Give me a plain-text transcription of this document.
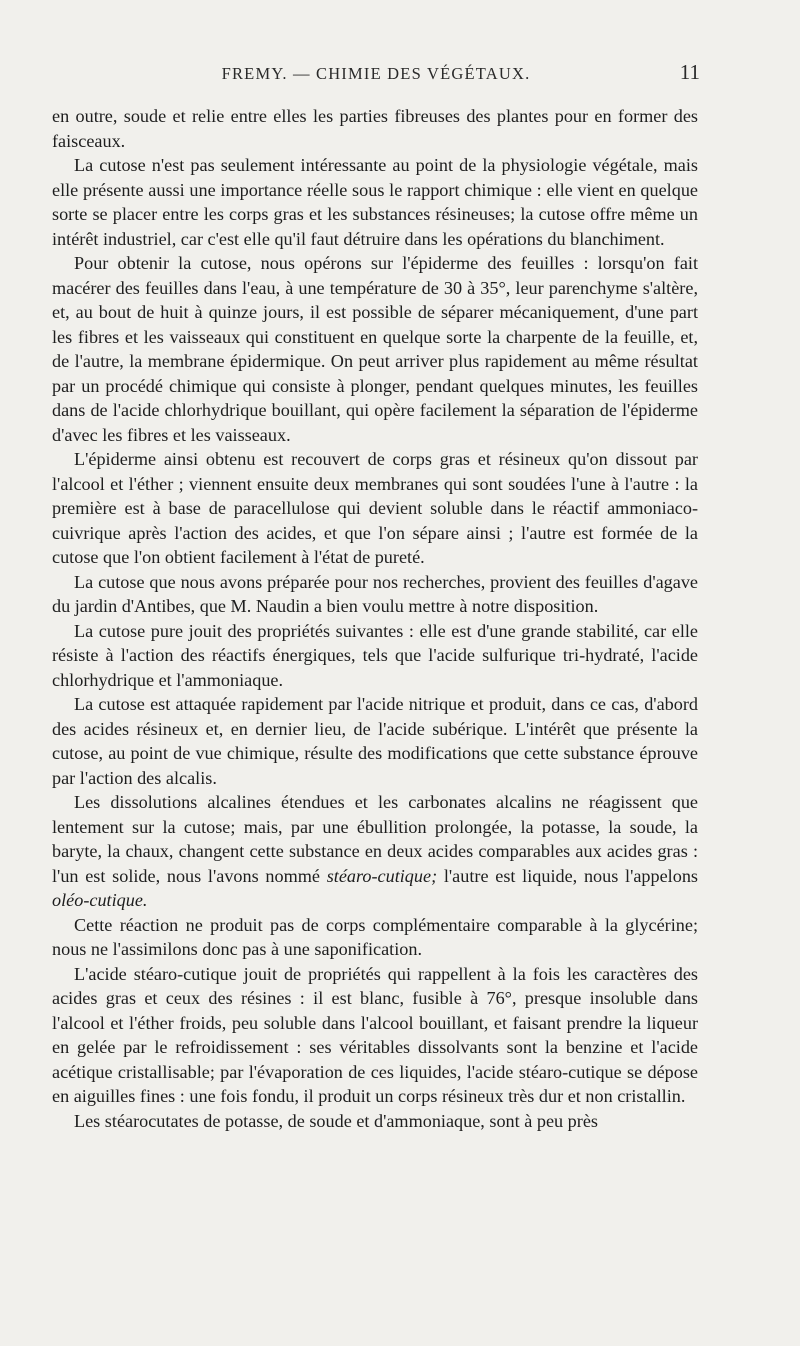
FREMY. — CHIMIE DES VÉGÉTAUX.	11

en outre, soude et relie entre elles les parties fibreuses des plantes pour en former des faisceaux.

La cutose n'est pas seulement intéressante au point de la physiologie végétale, mais elle présente aussi une importance réelle sous le rapport chimique : elle vient en quelque sorte se placer entre les corps gras et les substances résineuses; la cutose offre même un intérêt industriel, car c'est elle qu'il faut détruire dans les opérations du blanchiment.

Pour obtenir la cutose, nous opérons sur l'épiderme des feuilles : lorsqu'on fait macérer des feuilles dans l'eau, à une température de 30 à 35°, leur parenchyme s'altère, et, au bout de huit à quinze jours, il est possible de séparer mécaniquement, d'une part les fibres et les vaisseaux qui constituent en quelque sorte la charpente de la feuille, et, de l'autre, la membrane épidermique. On peut arriver plus rapidement au même résultat par un procédé chimique qui consiste à plonger, pendant quelques minutes, les feuilles dans de l'acide chlorhydrique bouillant, qui opère facilement la séparation de l'épiderme d'avec les fibres et les vaisseaux.

L'épiderme ainsi obtenu est recouvert de corps gras et résineux qu'on dissout par l'alcool et l'éther ; viennent ensuite deux membranes qui sont soudées l'une à l'autre : la première est à base de paracellulose qui devient soluble dans le réactif ammoniaco-cuivrique après l'action des acides, et que l'on sépare ainsi ; l'autre est formée de la cutose que l'on obtient facilement à l'état de pureté.

La cutose que nous avons préparée pour nos recherches, provient des feuilles d'agave du jardin d'Antibes, que M. Naudin a bien voulu mettre à notre disposition.

La cutose pure jouit des propriétés suivantes : elle est d'une grande stabilité, car elle résiste à l'action des réactifs énergiques, tels que l'acide sulfurique tri-hydraté, l'acide chlorhydrique et l'ammoniaque.

La cutose est attaquée rapidement par l'acide nitrique et produit, dans ce cas, d'abord des acides résineux et, en dernier lieu, de l'acide subérique. L'intérêt que présente la cutose, au point de vue chimique, résulte des modifications que cette substance éprouve par l'action des alcalis.

Les dissolutions alcalines étendues et les carbonates alcalins ne réagissent que lentement sur la cutose; mais, par une ébullition prolongée, la potasse, la soude, la baryte, la chaux, changent cette substance en deux acides comparables aux acides gras : l'un est solide, nous l'avons nommé stéaro-cutique; l'autre est liquide, nous l'appelons oléo-cutique.

Cette réaction ne produit pas de corps complémentaire comparable à la glycérine; nous ne l'assimilons donc pas à une saponification.

L'acide stéaro-cutique jouit de propriétés qui rappellent à la fois les caractères des acides gras et ceux des résines : il est blanc, fusible à 76°, presque insoluble dans l'alcool et l'éther froids, peu soluble dans l'alcool bouillant, et faisant prendre la liqueur en gelée par le refroidissement : ses véritables dissolvants sont la benzine et l'acide acétique cristallisable; par l'évaporation de ces liquides, l'acide stéaro-cutique se dépose en aiguilles fines : une fois fondu, il produit un corps résineux très dur et non cristallin.

Les stéarocutates de potasse, de soude et d'ammoniaque, sont à peu près
